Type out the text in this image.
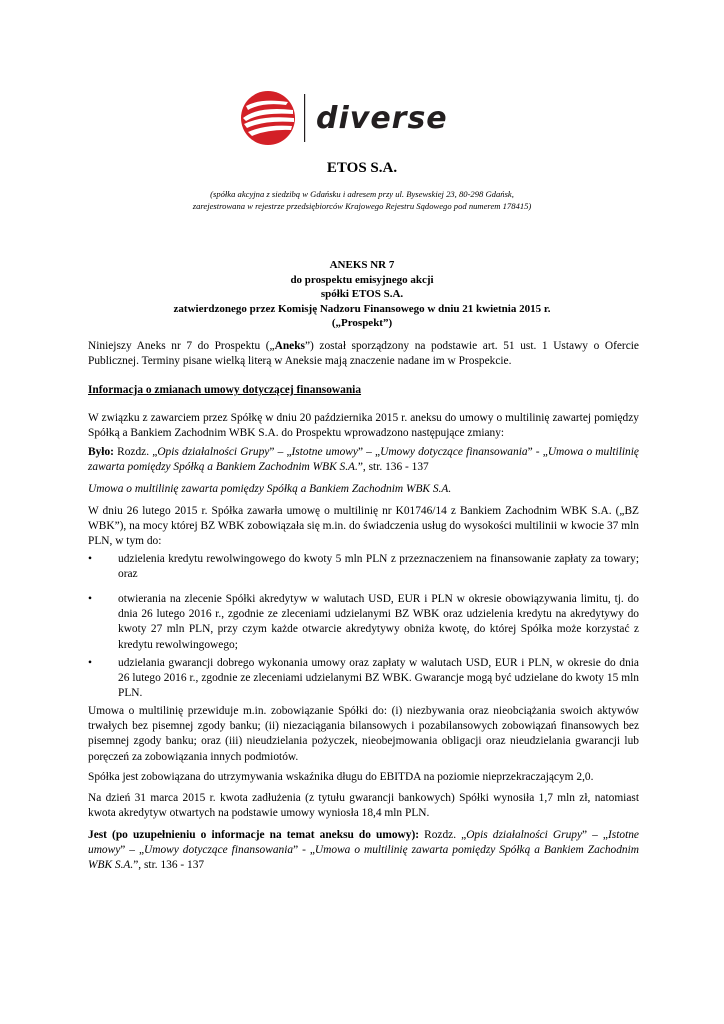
diverse
ETOS S.A.
(spółka akcyjna z siedzibą w Gdańsku i adresem przy ul. Bysewskiej 23, 80-298 Gdańsk,
zarejestrowana w rejestrze przedsiębiorców Krajowego Rejestru Sądowego pod numerem 178415)
ANEKS NR 7
do prospektu emisyjnego akcji
spółki ETOS S.A.
zatwierdzonego przez Komisję Nadzoru Finansowego w dniu 21 kwietnia 2015 r.
(„Prospekt”)

Niniejszy Aneks nr 7 do Prospektu („Aneks”) został sporządzony na podstawie art. 51 ust. 1 Ustawy o Ofercie Publicznej. Terminy pisane wielką literą w Aneksie mają znaczenie nadane im w Prospekcie.

Informacja o zmianach umowy dotyczącej finansowania

W związku z zawarciem przez Spółkę w dniu 20 października 2015 r. aneksu do umowy o multilinię zawartej pomiędzy Spółką a Bankiem Zachodnim WBK S.A. do Prospektu wprowadzono następujące zmiany:

Było: Rozdz. „Opis działalności Grupy” – „Istotne umowy” – „Umowy dotyczące finansowania” - „Umowa o multilinię zawarta pomiędzy Spółką a Bankiem Zachodnim WBK S.A.”, str. 136 - 137

Umowa o multilinię zawarta pomiędzy Spółką a Bankiem Zachodnim WBK S.A.
W dniu 26 lutego 2015 r. Spółka zawarła umowę o multilinię nr K01746/14 z Bankiem Zachodnim WBK S.A. („BZ WBK”), na mocy której BZ WBK zobowiązała się m.in. do świadczenia usług do wysokości multilinii w kwocie 37 mln PLN, w tym do:
• udzielenia kredytu rewolwingowego do kwoty 5 mln PLN z przeznaczeniem na finansowanie zapłaty za towary; oraz
• otwierania na zlecenie Spółki akredytyw w walutach USD, EUR i PLN w okresie obowiązywania limitu, tj. do dnia 26 lutego 2016 r., zgodnie ze zleceniami udzielanymi BZ WBK oraz udzielenia kredytu na akredytywy do kwoty 27 mln PLN, przy czym każde otwarcie akredytywy obniża kwotę, do której Spółka może korzystać z kredytu rewolwingowego;
• udzielania gwarancji dobrego wykonania umowy oraz zapłaty w walutach USD, EUR i PLN, w okresie do dnia 26 lutego 2016 r., zgodnie ze zleceniami udzielanymi BZ WBK. Gwarancje mogą być udzielane do kwoty 15 mln PLN.
Umowa o multilinię przewiduje m.in. zobowiązanie Spółki do: (i) niezbywania oraz nieobciążania swoich aktywów trwałych bez pisemnej zgody banku; (ii) niezaciągania bilansowych i pozabilansowych zobowiązań finansowych bez pisemnej zgody banku; oraz (iii) nieudzielania pożyczek, nieobejmowania obligacji oraz nieudzielania gwarancji lub poręczeń za zobowiązania innych podmiotów.
Spółka jest zobowiązana do utrzymywania wskaźnika długu do EBITDA na poziomie nieprzekraczającym 2,0.
Na dzień 31 marca 2015 r. kwota zadłużenia (z tytułu gwarancji bankowych) Spółki wynosiła 1,7 mln zł, natomiast kwota akredytyw otwartych na podstawie umowy wyniosła 18,4 mln PLN.

Jest (po uzupełnieniu o informacje na temat aneksu do umowy): Rozdz. „Opis działalności Grupy” – „Istotne umowy” – „Umowy dotyczące finansowania” - „Umowa o multilinię zawarta pomiędzy Spółką a Bankiem Zachodnim WBK S.A.”, str. 136 - 137
